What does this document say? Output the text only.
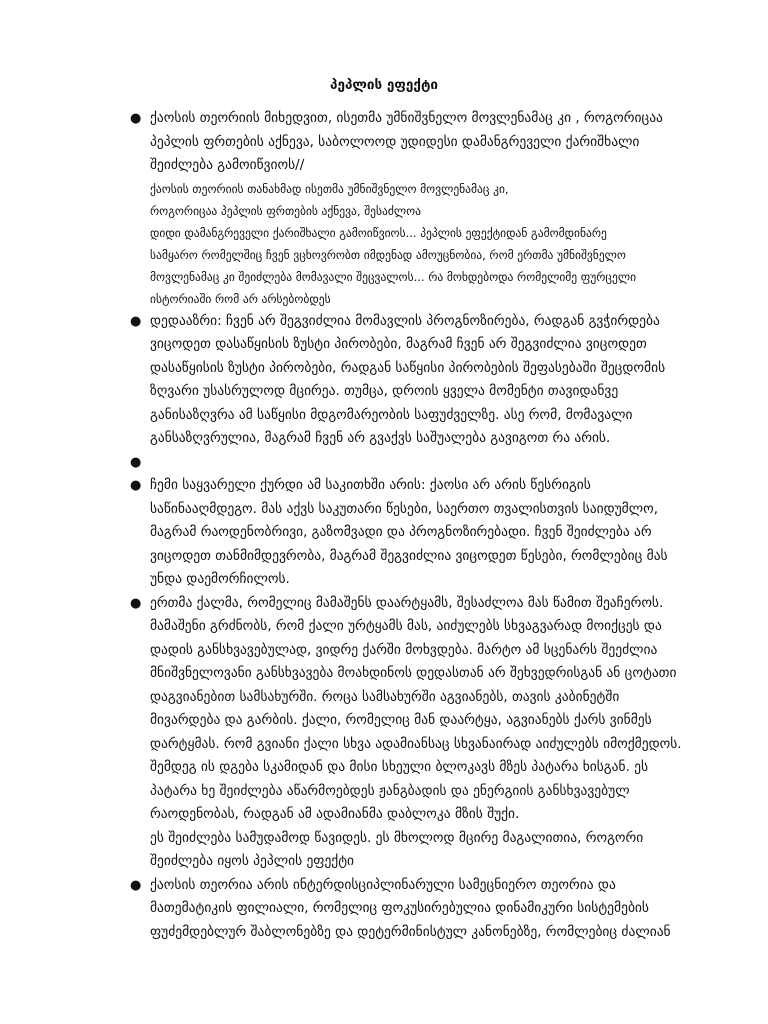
პეპლის ეფექტი
● ქაოსის თეორიის მიხედვით, ისეთმა უმნიშვნელო მოვლენამაც კი , როგორიცაა
პეპლის ფრთების აქნევა, საბოლოოდ უდიდესი დამანგრეველი ქარიშხალი
შეიძლება გამოიწვიოს//
ქაოსის თეორიის თანახმად ისეთმა უმნიშვნელო მოვლენამაც კი,
როგორიცაა პეპლის ფრთების აქნევა, შესაძლოა
დიდი დამანგრეველი ქარიშხალი გამოიწვიოს... პეპლის ეფექტიდან გამომდინარე
სამყარო რომელშიც ჩვენ ვცხოვრობთ იმდენად ამოუცნობია, რომ ერთმა უმნიშვნელო
მოვლენამაც კი შეიძლება მომავალი შეცვალოს... რა მოხდებოდა რომელიმე ფურცელი
ისტორიაში რომ არ არსებობდეს
● დედააზრი: ჩვენ არ შეგვიძლია მომავლის პროგნოზირება, რადგან გვჭირდება
ვიცოდეთ დასაწყისის ზუსტი პირობები, მაგრამ ჩვენ არ შეგვიძლია ვიცოდეთ
დასაწყისის ზუსტი პირობები, რადგან საწყისი პირობების შეფასებაში შეცდომის
ზღვარი უსასრულოდ მცირეა. თუმცა, დროის ყველა მომენტი თავიდანვე
განისაზღვრა ამ საწყისი მდგომარეობის საფუძველზე. ასე რომ, მომავალი
განსაზღვრულია, მაგრამ ჩვენ არ გვაქვს საშუალება გავიგოთ რა არის.
●
● ჩემი საყვარელი ქურდი ამ საკითხში არის: ქაოსი არ არის წესრიგის
საწინააღმდეგო. მას აქვს საკუთარი წესები, საერთო თვალისთვის საიდუმლო,
მაგრამ რაოდენობრივი, გაზომვადი და პროგნოზირებადი. ჩვენ შეიძლება არ
ვიცოდეთ თანმიმდევრობა, მაგრამ შეგვიძლია ვიცოდეთ წესები, რომლებიც მას
უნდა დაემორჩილოს.
● ერთმა ქალმა, რომელიც მამაშენს დაარტყამს, შესაძლოა მას წამით შეაჩეროს.
მამაშენი გრძნობს, რომ ქალი ურტყამს მას, აიძულებს სხვაგვარად მოიქცეს და
დადის განსხვავებულად, ვიდრე ქარში მოხვდება. მარტო ამ სცენარს შეეძლია
მნიშვნელოვანი განსხვავება მოახდინოს დედასთან არ შეხვედრისგან ან ცოტათი
დაგვიანებით სამსახურში. როცა სამსახურში აგვიანებს, თავის კაბინეტში
მივარდება და გარბის. ქალი, რომელიც მან დაარტყა, აგვიანებს ქარს ვინმეს
დარტყმას. რომ გვიანი ქალი სხვა ადამიანსაც სხვანაირად აიძულებს იმოქმედოს.
შემდეგ ის დგება სკამიდან და მისი სხეული ბლოკავს მზეს პატარა ხისგან. ეს
პატარა ხე შეიძლება აწარმოებდეს ჟანგბადის და ენერგიის განსხვავებულ
რაოდენობას, რადგან ამ ადამიანმა დაბლოკა მზის შუქი.
ეს შეიძლება სამუდამოდ წავიდეს. ეს მხოლოდ მცირე მაგალითია, როგორი
შეიძლება იყოს პეპლის ეფექტი
● ქაოსის თეორია არის ინტერდისციპლინარული სამეცნიერო თეორია და
მათემატიკის ფილიალი, რომელიც ფოკუსირებულია დინამიკური სისტემების
ფუძემდებლურ შაბლონებზე და დეტერმინისტულ კანონებზე, რომლებიც ძალიან
